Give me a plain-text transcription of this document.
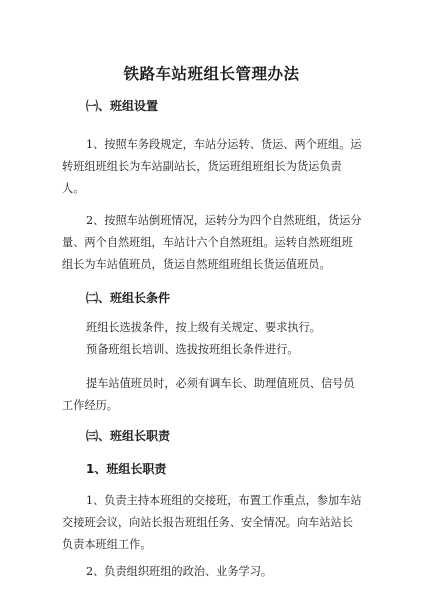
铁路车站班组长管理办法
㈠、班组设置

1、按照车务段规定，车站分运转、货运、两个班组。运转班组班组长为车站副站长，货运班组班组长为货运负责人。

2、按照车站倒班情况，运转分为四个自然班组，货运分量、两个自然班组，车站计六个自然班组。运转自然班组班组长为车站值班员，货运自然班组班组长货运值班员。

㈡、班组长条件
班组长选拔条件，按上级有关规定、要求执行。
预备班组长培训、选拔按班组长条件进行。

提车站值班员时，必须有调车长、助理值班员、信号员工作经历。

㈢、班组长职责
1、班组长职责

1、负责主持本班组的交接班，布置工作重点，参加车站交接班会议，向站长报告班组任务、安全情况。向车站站长负责本班组工作。

2、负责组织班组的政治、业务学习。
